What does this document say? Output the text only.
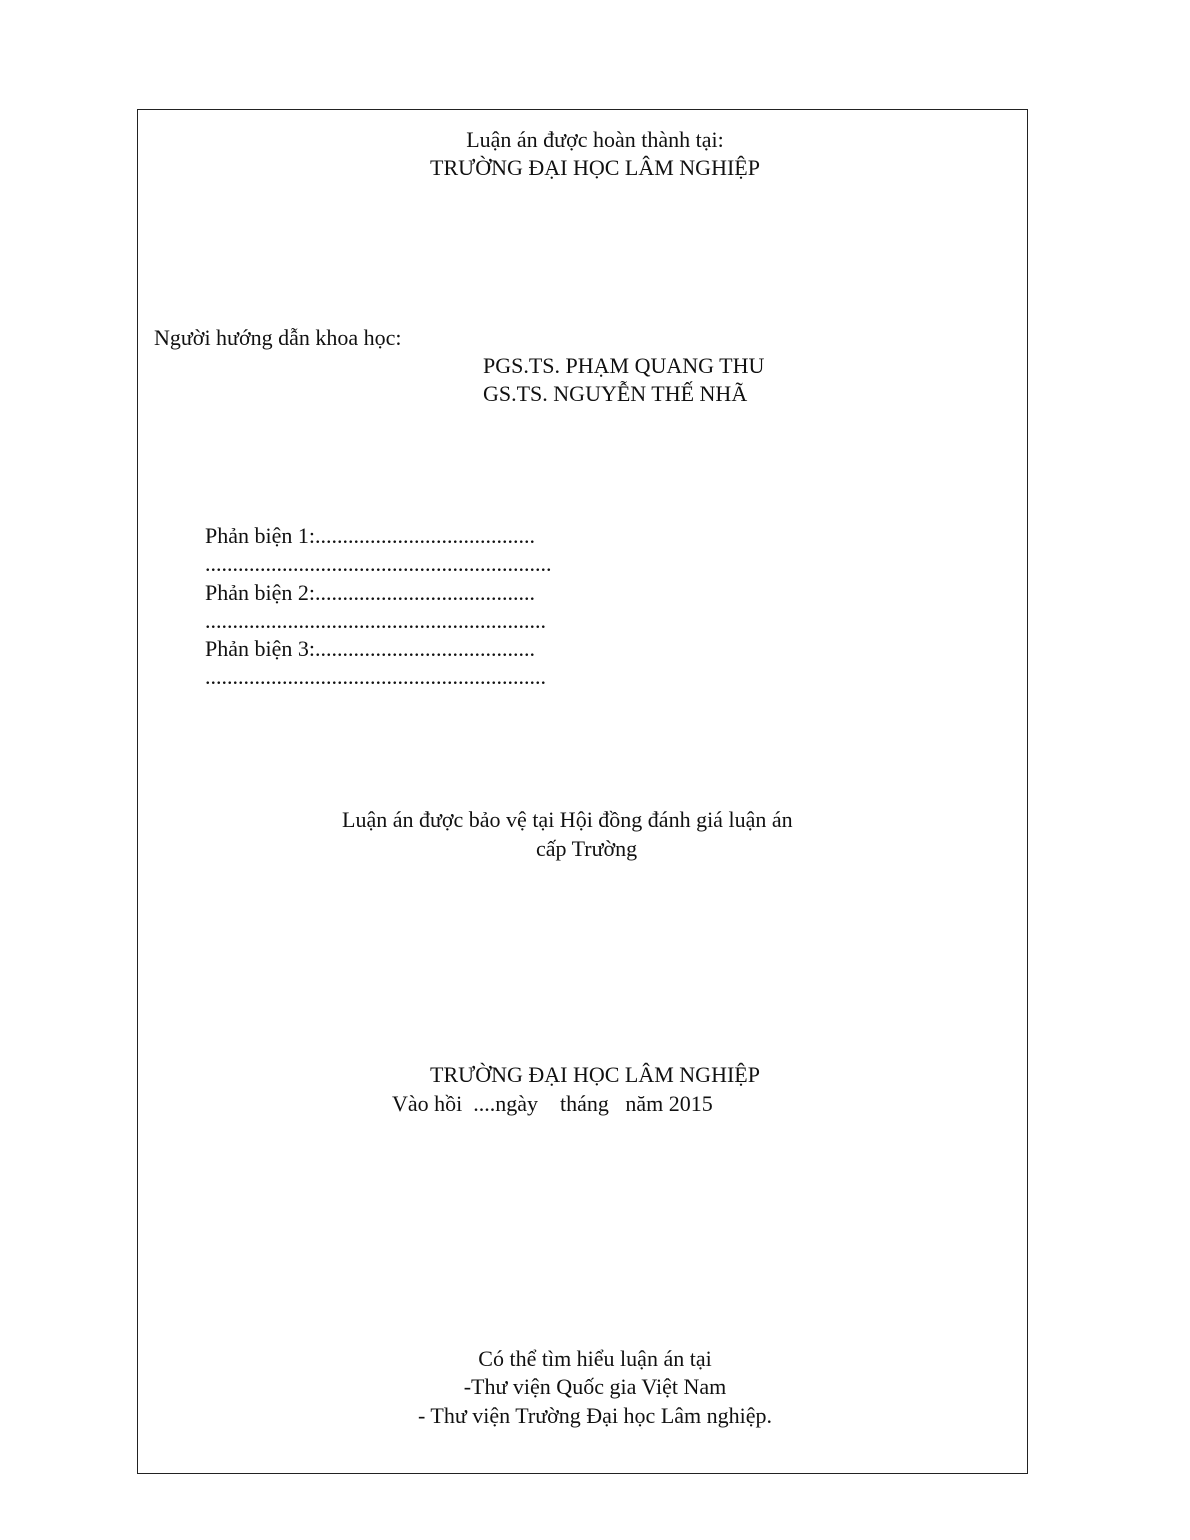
Luận án được hoàn thành tại:
TRƯỜNG ĐẠI HỌC LÂM NGHIỆP
Người hướng dẫn khoa học:
PGS.TS. PHẠM QUANG THU
GS.TS. NGUYỄN THẾ NHÃ
Phản biện 1:........................................
...............................................................
Phản biện 2:........................................
..............................................................
Phản biện 3:........................................
..............................................................
Luận án được bảo vệ tại Hội đồng đánh giá luận án
cấp Trường
TRƯỜNG ĐẠI HỌC LÂM NGHIỆP
Vào hồi  ....ngày    tháng   năm 2015
Có thể tìm hiểu luận án tại
-Thư viện Quốc gia Việt Nam
- Thư viện Trường Đại học Lâm nghiệp.
